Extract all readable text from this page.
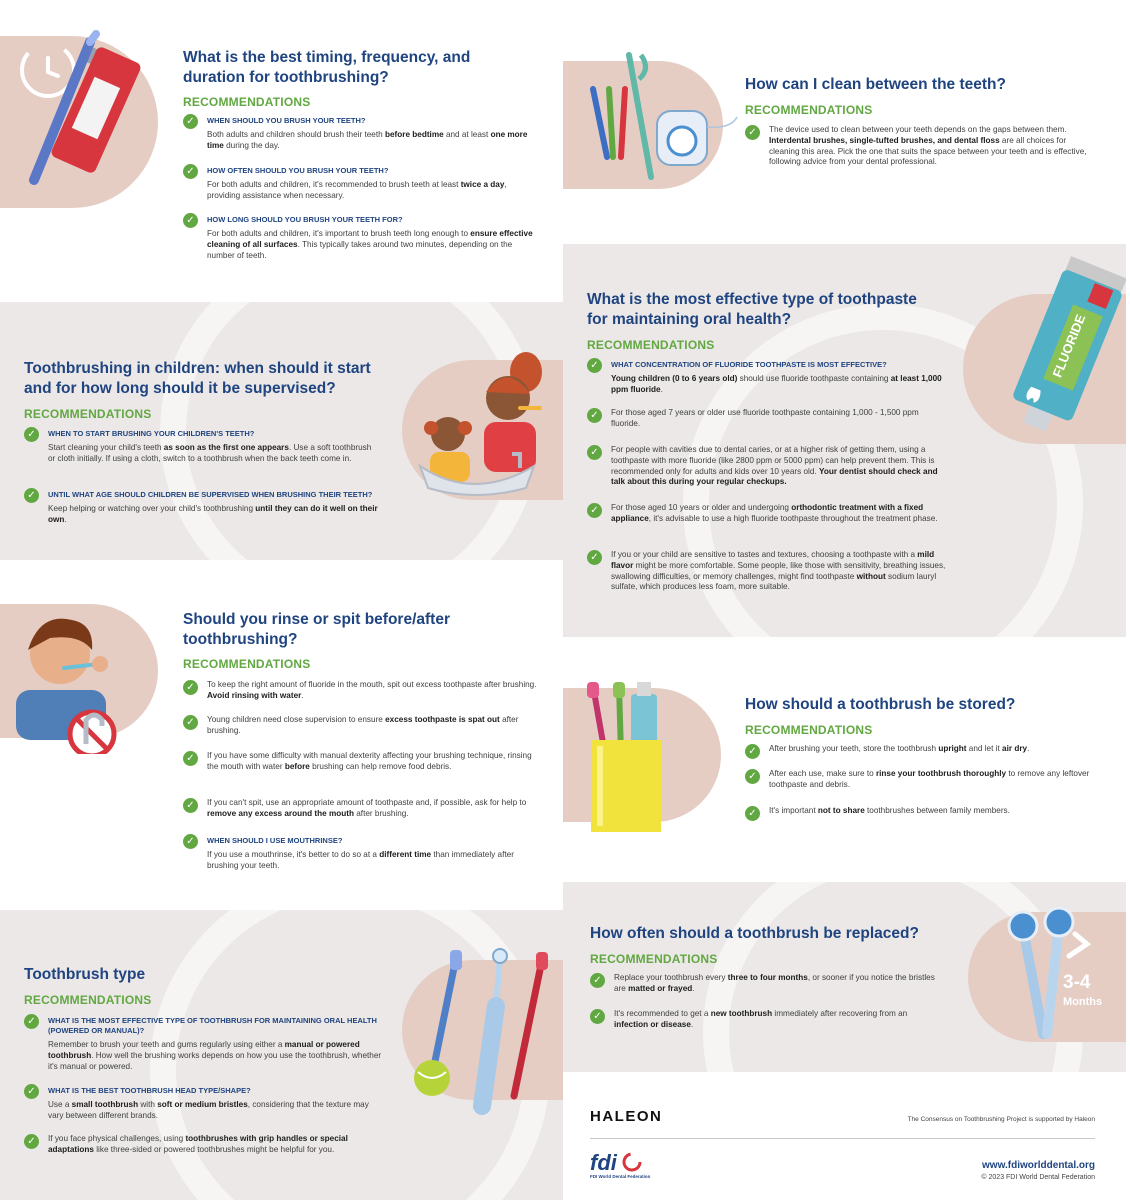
What is the best timing, frequency, and duration for toothbrushing?
RECOMMENDATIONS
✓	WHEN SHOULD YOU BRUSH YOUR TEETH?
Both adults and children should brush their teeth before bedtime and at least one more time during the day.
✓	HOW OFTEN SHOULD YOU BRUSH YOUR TEETH?
For both adults and children, it's recommended to brush teeth at least twice a day, providing assistance when necessary.
✓	HOW LONG SHOULD YOU BRUSH YOUR TEETH FOR?
For both adults and children, it's important to brush teeth long enough to ensure effective cleaning of all surfaces. This typically takes around two minutes, depending on the number of teeth.
How can I clean between the teeth?
RECOMMENDATIONS
✓	The device used to clean between your teeth depends on the gaps between them. Interdental brushes, single-tufted brushes, and dental floss are all choices for cleaning this area. Pick the one that suits the space between your teeth and is effective, following advice from your dental professional.
Toothbrushing in children: when should it start and for how long should it be supervised?
RECOMMENDATIONS
✓	WHEN TO START BRUSHING YOUR CHILDREN'S TEETH?
Start cleaning your child's teeth as soon as the first one appears. Use a soft toothbrush or cloth initially. If using a cloth, switch to a toothbrush when the back teeth come in.
✓	UNTIL WHAT AGE SHOULD CHILDREN BE SUPERVISED WHEN BRUSHING THEIR TEETH?
Keep helping or watching over your child's toothbrushing until they can do it well on their own.
FLUORIDE
What is the most effective type of toothpaste for maintaining oral health?
RECOMMENDATIONS
✓	WHAT CONCENTRATION OF FLUORIDE TOOTHPASTE IS MOST EFFECTIVE?
Young children (0 to 6 years old) should use fluoride toothpaste containing at least 1,000 ppm fluoride.
✓	For those aged 7 years or older use fluoride toothpaste containing 1,000 - 1,500 ppm fluoride.
✓	For people with cavities due to dental caries, or at a higher risk of getting them, using a toothpaste with more fluoride (like 2800 ppm or 5000 ppm) can help prevent them. This is recommended only for adults and kids over 10 years old. Your dentist should check and talk about this during your regular checkups.
✓	For those aged 10 years or older and undergoing orthodontic treatment with a fixed appliance, it's advisable to use a high fluoride toothpaste throughout the treatment phase.
✓	If you or your child are sensitive to tastes and textures, choosing a toothpaste with a mild flavor might be more comfortable. Some people, like those with sensitivity, breathing issues, swallowing difficulties, or memory challenges, might find toothpaste without sodium lauryl sulfate, which produces less foam, more suitable.
Should you rinse or spit before/after toothbrushing?
RECOMMENDATIONS
✓	To keep the right amount of fluoride in the mouth, spit out excess toothpaste after brushing. Avoid rinsing with water.
✓	Young children need close supervision to ensure excess toothpaste is spat out after brushing.
✓	If you have some difficulty with manual dexterity affecting your brushing technique, rinsing the mouth with water before brushing can help remove food debris.
✓	If you can't spit, use an appropriate amount of toothpaste and, if possible, ask for help to remove any excess around the mouth after brushing.
✓	WHEN SHOULD I USE MOUTHRINSE?
If you use a mouthrinse, it's better to do so at a different time than immediately after brushing your teeth.
How should a toothbrush be stored?
RECOMMENDATIONS
✓	After brushing your teeth, store the toothbrush upright and let it air dry.
✓	After each use, make sure to rinse your toothbrush thoroughly to remove any leftover toothpaste and debris.
✓	It's important not to share toothbrushes between family members.
Toothbrush type
RECOMMENDATIONS
✓	WHAT IS THE MOST EFFECTIVE TYPE OF TOOTHBRUSH FOR MAINTAINING ORAL HEALTH (POWERED OR MANUAL)?
Remember to brush your teeth and gums regularly using either a manual or powered toothbrush. How well the brushing works depends on how you use the toothbrush, whether it's manual or powered.
✓	WHAT IS THE BEST TOOTHBRUSH HEAD TYPE/SHAPE?
Use a small toothbrush with soft or medium bristles, considering that the texture may vary between different brands.
✓	If you face physical challenges, using toothbrushes with grip handles or special adaptations like three-sided or powered toothbrushes might be helpful for you.
3-4
Months
How often should a toothbrush be replaced?
RECOMMENDATIONS
✓	Replace your toothbrush every three to four months, or sooner if you notice the bristles are matted or frayed.
✓	It's recommended to get a new toothbrush immediately after recovering from an infection or disease.
HALEON	The Consensus on Toothbrushing Project is supported by Haleon
fdi
FDI World Dental Federation
www.fdiworlddental.org
© 2023 FDI World Dental Federation
